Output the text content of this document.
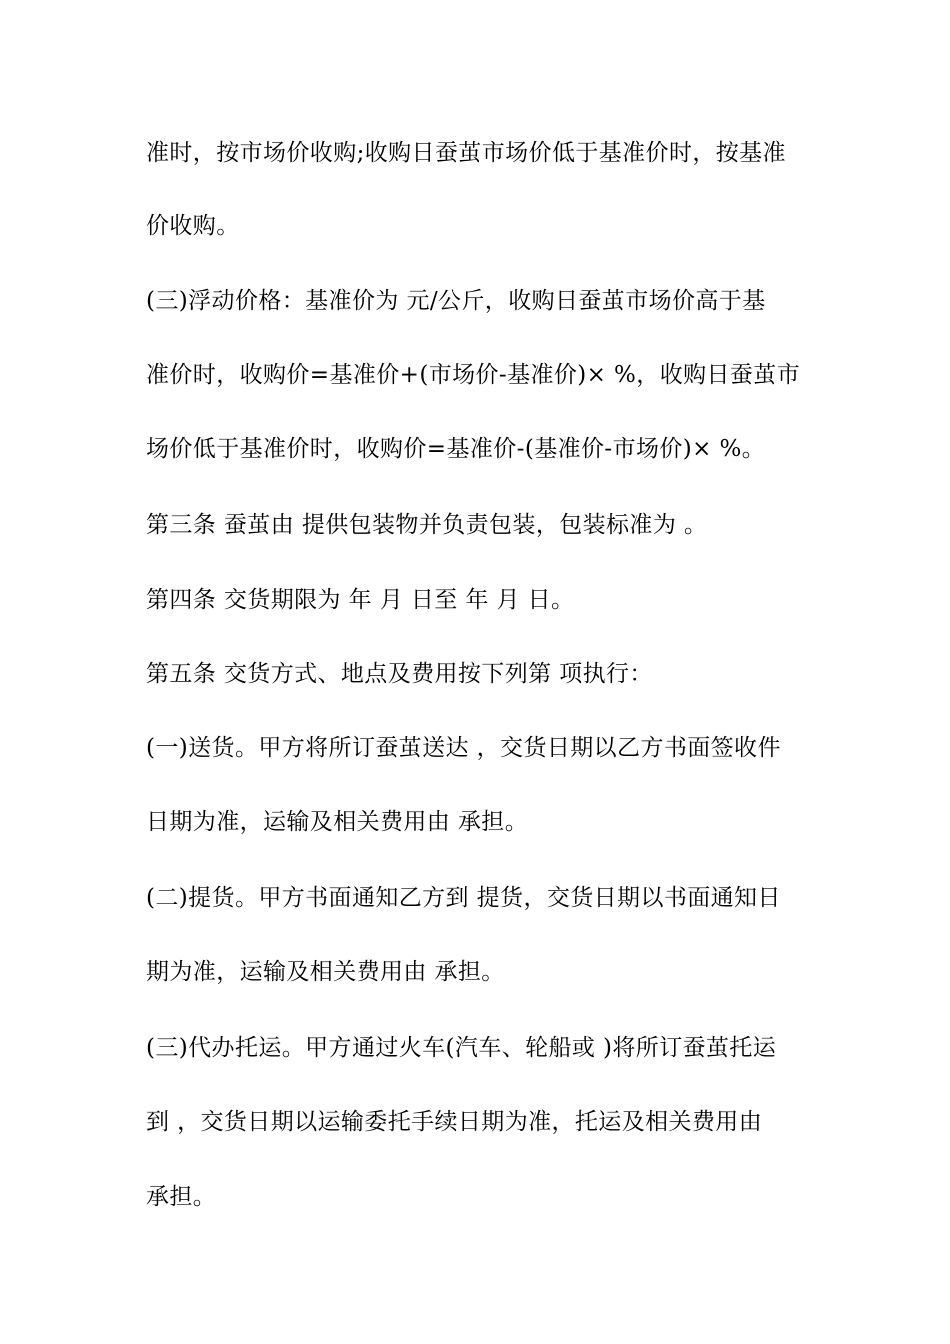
准时，按市场价收购;收购日蚕茧市场价低于基准价时，按基准
价收购。
(三)浮动价格：基准价为 元/公斤，收购日蚕茧市场价高于基
准价时，收购价=基准价+(市场价-基准价)× %，收购日蚕茧市
场价低于基准价时，收购价=基准价-(基准价-市场价)× %。
第三条 蚕茧由 提供包装物并负责包装，包装标准为 。
第四条 交货期限为 年 月 日至 年 月 日。
第五条 交货方式、地点及费用按下列第 项执行：
(一)送货。甲方将所订蚕茧送达 ，交货日期以乙方书面签收件
日期为准，运输及相关费用由 承担。
(二)提货。甲方书面通知乙方到 提货，交货日期以书面通知日
期为准，运输及相关费用由 承担。
(三)代办托运。甲方通过火车(汽车、轮船或 )将所订蚕茧托运
到 ，交货日期以运输委托手续日期为准，托运及相关费用由
承担。
